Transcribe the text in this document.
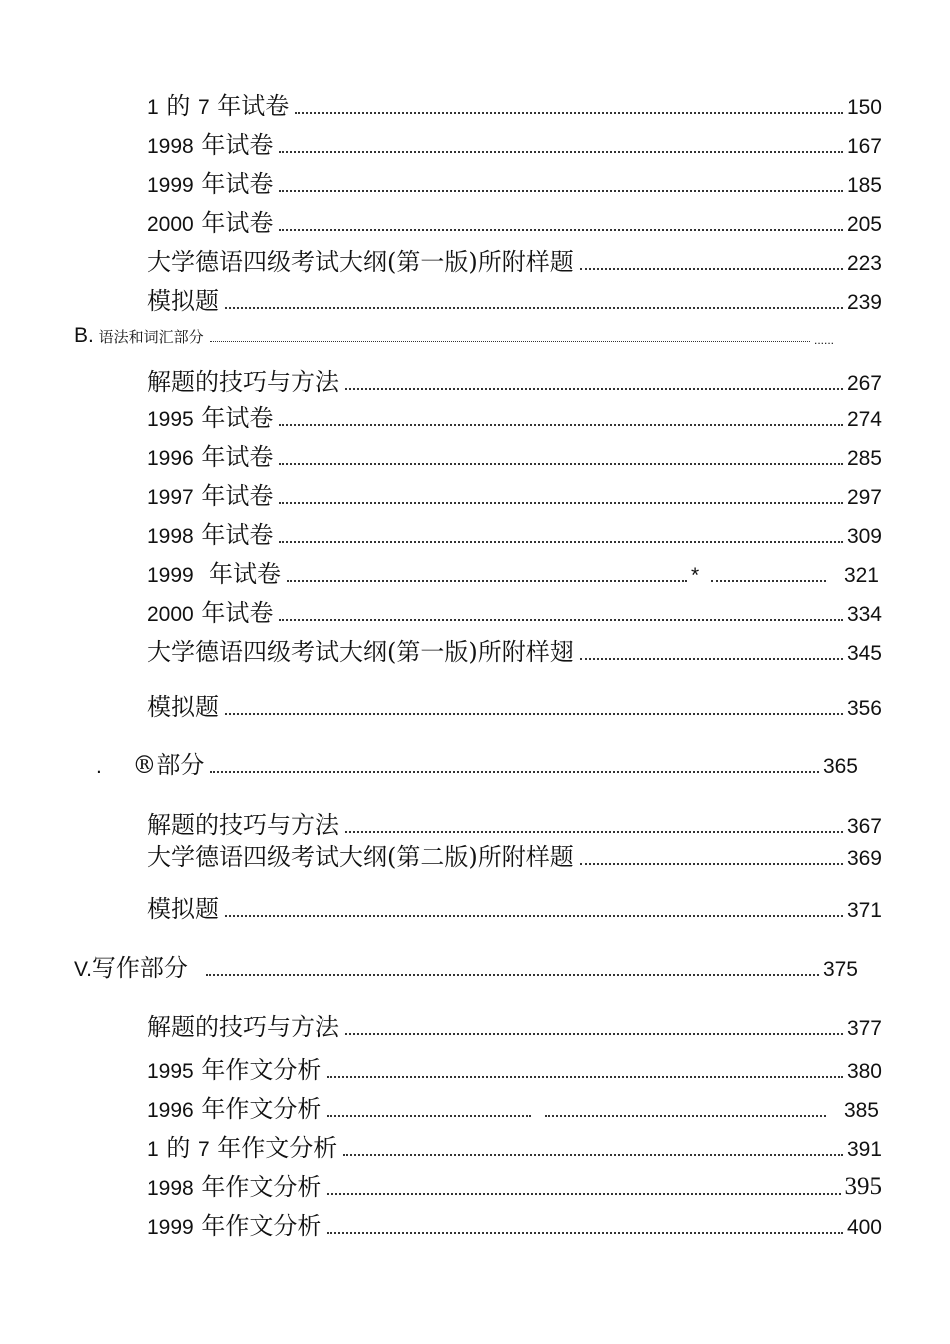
1 的 7 年试卷	150
1998 年试卷	167
1999 年试卷	185
2000 年试卷	205
大学德语四级考试大纲(第一版)所附样题	223
模拟题	239
B. 语法和词汇部分	......
解题的技巧与方法	267
1995 年试卷	274
1996 年试卷	285
1997 年试卷	297
1998 年试卷	309
1999 年试卷	*	321
2000 年试卷	334
大学德语四级考试大纲(第一版)所附样翅	345
模拟题	356
. ®部分	365
解题的技巧与方法	367
大学德语四级考试大纲(第二版)所附样题	369
模拟题	371
V.写作部分	375
解题的技巧与方法	377
1995 年作文分析	380
1996 年作文分析	385
1 的 7 年作文分析	391
1998 年作文分析	395
1999 年作文分析	400
